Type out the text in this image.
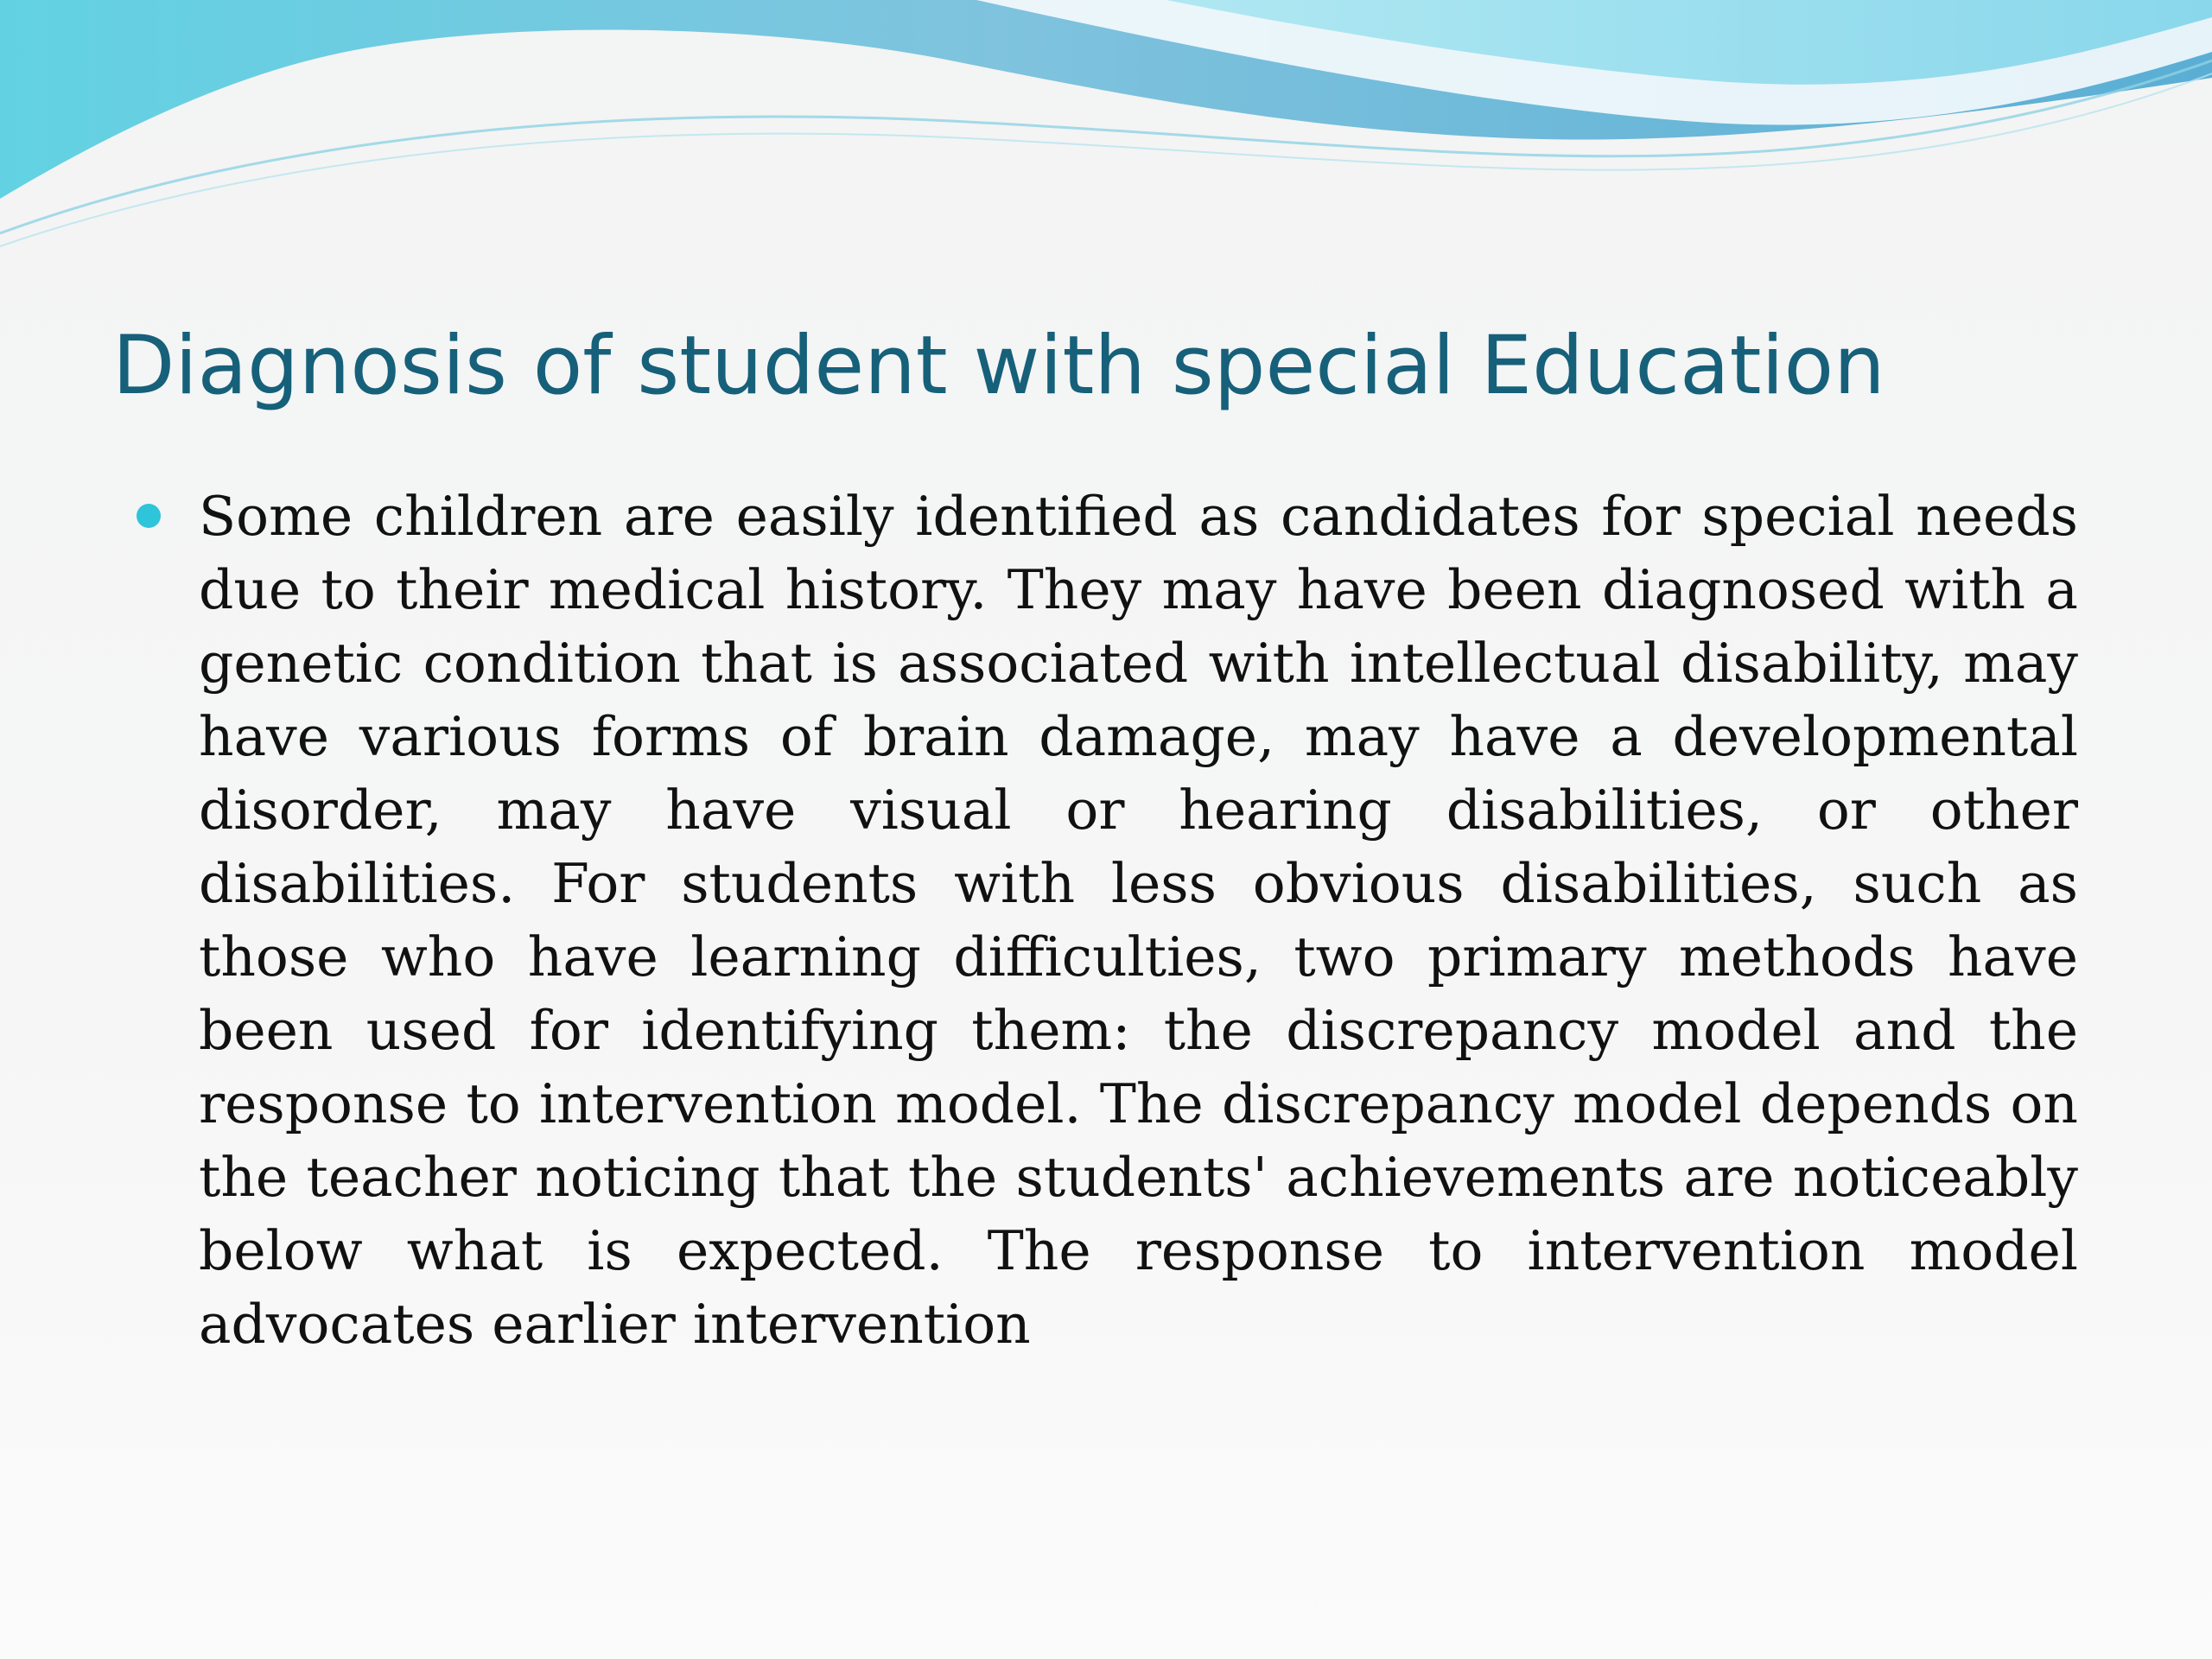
Diagnosis of student with special Education

Some children are easily identified as candidates for special needs due to their medical history. They may have been diagnosed with a genetic condition that is associated with intellectual disability, may have various forms of brain damage, may have a developmental disorder, may have visual or hearing disabilities, or other disabilities. For students with less obvious disabilities, such as those who have learning difficulties, two primary methods have been used for identifying them: the discrepancy model and the response to intervention model. The discrepancy model depends on the teacher noticing that the students' achievements are noticeably below what is expected. The response to intervention model advocates earlier intervention
